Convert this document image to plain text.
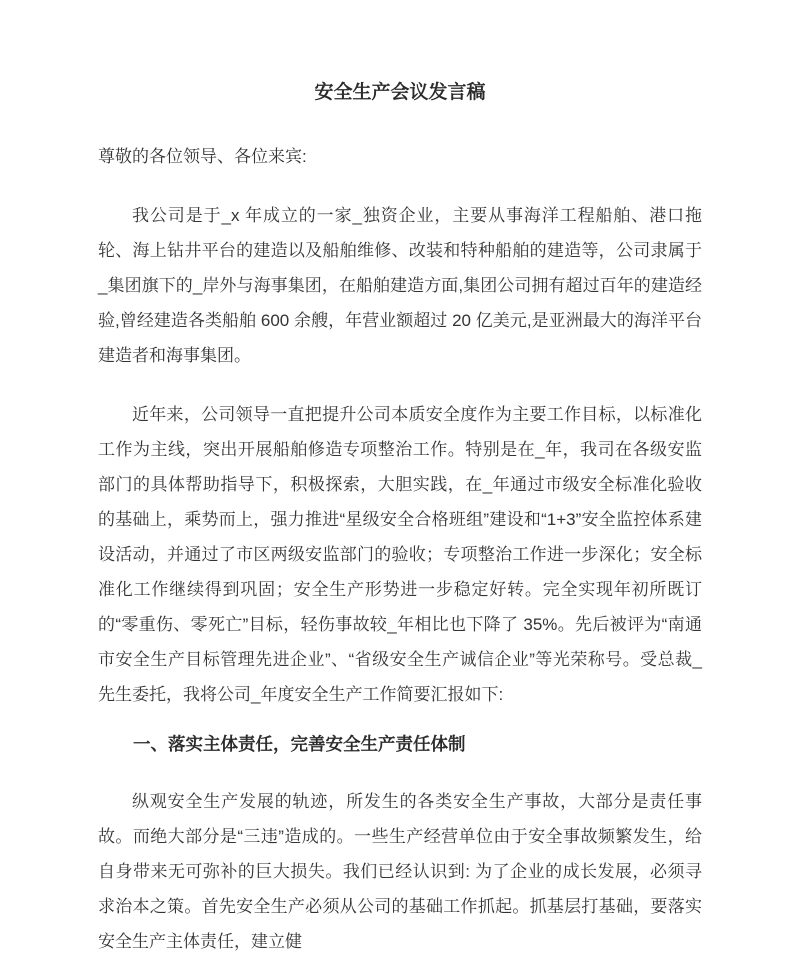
安全生产会议发言稿

尊敬的各位领导、各位来宾:

我公司是于_x 年成立的一家_独资企业，主要从事海洋工程船舶、港口拖轮、海上钻井平台的建造以及船舶维修、改装和特种船舶的建造等，公司隶属于_集团旗下的_岸外与海事集团，在船舶建造方面,集团公司拥有超过百年的建造经验,曾经建造各类船舶 600 余艘，年营业额超过 20 亿美元,是亚洲最大的海洋平台建造者和海事集团。

近年来，公司领导一直把提升公司本质安全度作为主要工作目标，以标准化工作为主线，突出开展船舶修造专项整治工作。特别是在_年，我司在各级安监部门的具体帮助指导下，积极探索，大胆实践，在_年通过市级安全标准化验收的基础上，乘势而上，强力推进“星级安全合格班组”建设和“1+3”安全监控体系建设活动，并通过了市区两级安监部门的验收；专项整治工作进一步深化；安全标准化工作继续得到巩固；安全生产形势进一步稳定好转。完全实现年初所既订的“零重伤、零死亡”目标，轻伤事故较_年相比也下降了 35%。先后被评为“南通市安全生产目标管理先进企业”、“省级安全生产诚信企业”等光荣称号。受总裁_先生委托，我将公司_年度安全生产工作简要汇报如下:

一、落实主体责任，完善安全生产责任体制

纵观安全生产发展的轨迹，所发生的各类安全生产事故，大部分是责任事故。而绝大部分是“三违”造成的。一些生产经营单位由于安全事故频繁发生，给自身带来无可弥补的巨大损失。我们已经认识到: 为了企业的成长发展，必须寻求治本之策。首先安全生产必须从公司的基础工作抓起。抓基层打基础，要落实安全生产主体责任，建立健
